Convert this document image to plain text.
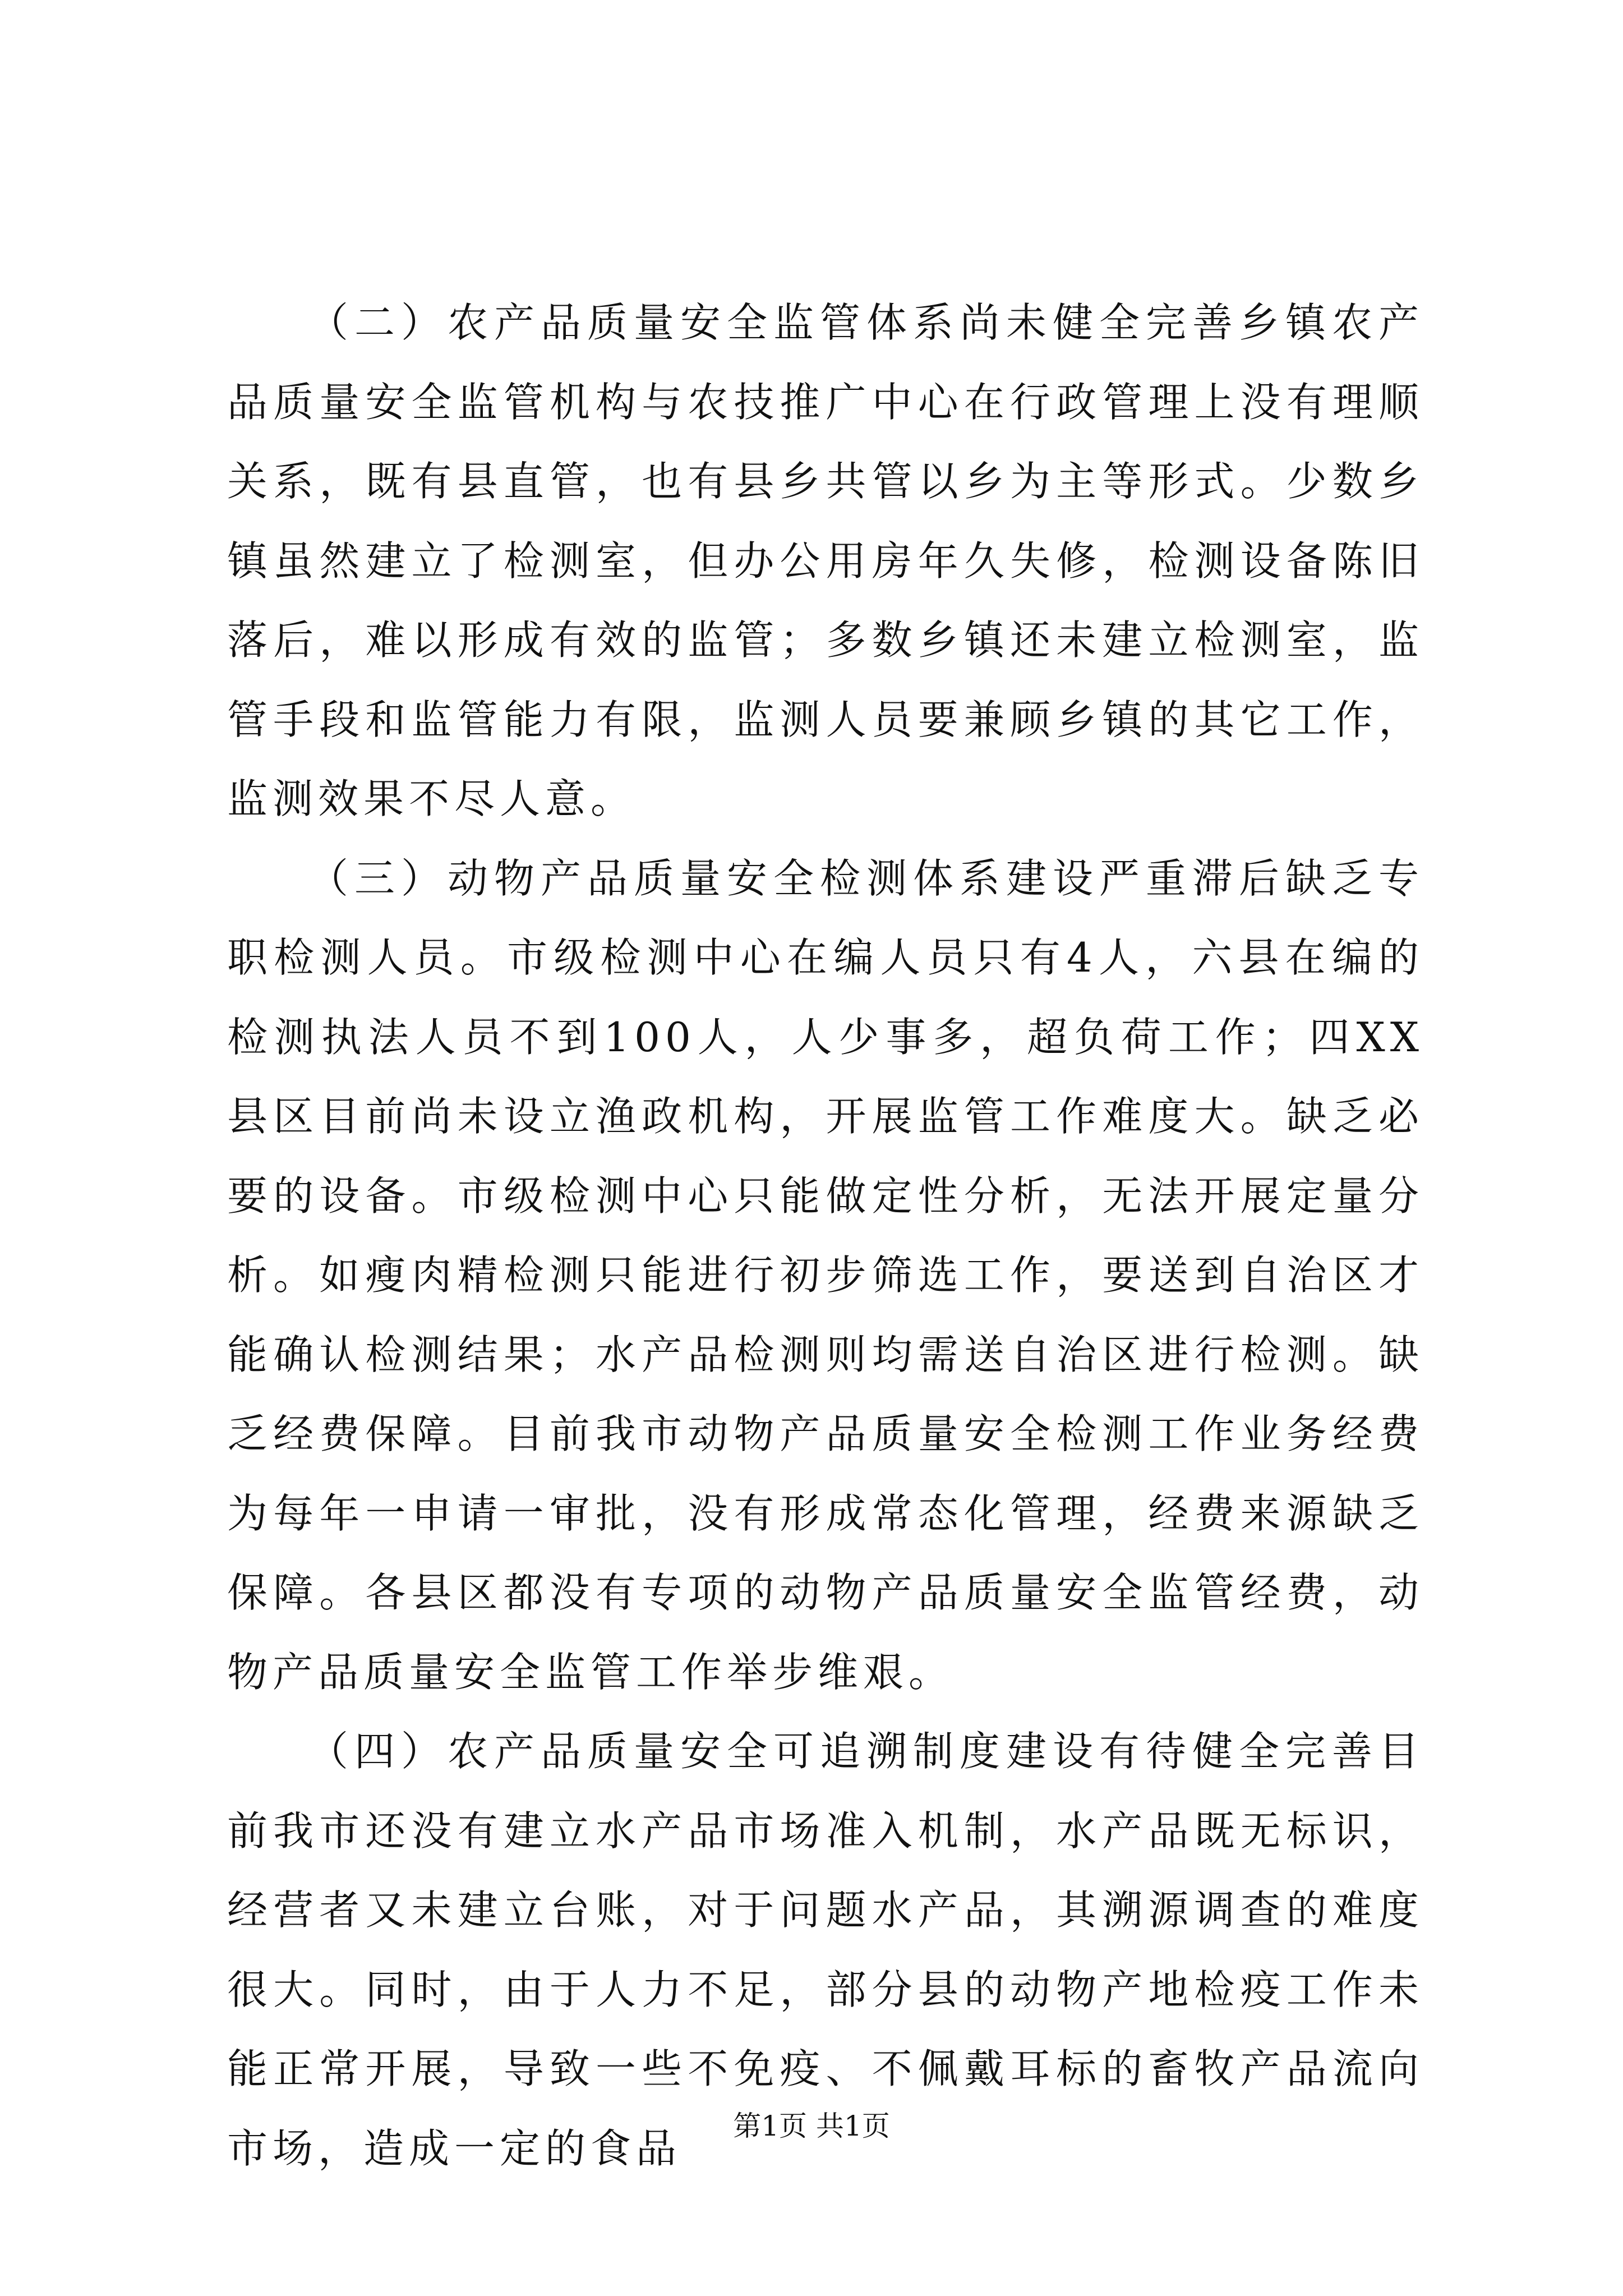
（二）农产品质量安全监管体系尚未健全完善乡镇农产品质量安全监管机构与农技推广中心在行政管理上没有理顺关系，既有县直管，也有县乡共管以乡为主等形式。少数乡镇虽然建立了检测室，但办公用房年久失修，检测设备陈旧落后，难以形成有效的监管；多数乡镇还未建立检测室，监管手段和监管能力有限，监测人员要兼顾乡镇的其它工作，监测效果不尽人意。

（三）动物产品质量安全检测体系建设严重滞后缺乏专职检测人员。市级检测中心在编人员只有4人，六县在编的检测执法人员不到100人，人少事多，超负荷工作；四XX县区目前尚未设立渔政机构，开展监管工作难度大。缺乏必要的设备。市级检测中心只能做定性分析，无法开展定量分析。如瘦肉精检测只能进行初步筛选工作，要送到自治区才能确认检测结果；水产品检测则均需送自治区进行检测。缺乏经费保障。目前我市动物产品质量安全检测工作业务经费为每年一申请一审批，没有形成常态化管理，经费来源缺乏保障。各县区都没有专项的动物产品质量安全监管经费，动物产品质量安全监管工作举步维艰。

（四）农产品质量安全可追溯制度建设有待健全完善目前我市还没有建立水产品市场准入机制，水产品既无标识，经营者又未建立台账，对于问题水产品，其溯源调查的难度很大。同时，由于人力不足，部分县的动物产地检疫工作未能正常开展，导致一些不免疫、不佩戴耳标的畜牧产品流向市场，造成一定的食品	第1页 共1页
